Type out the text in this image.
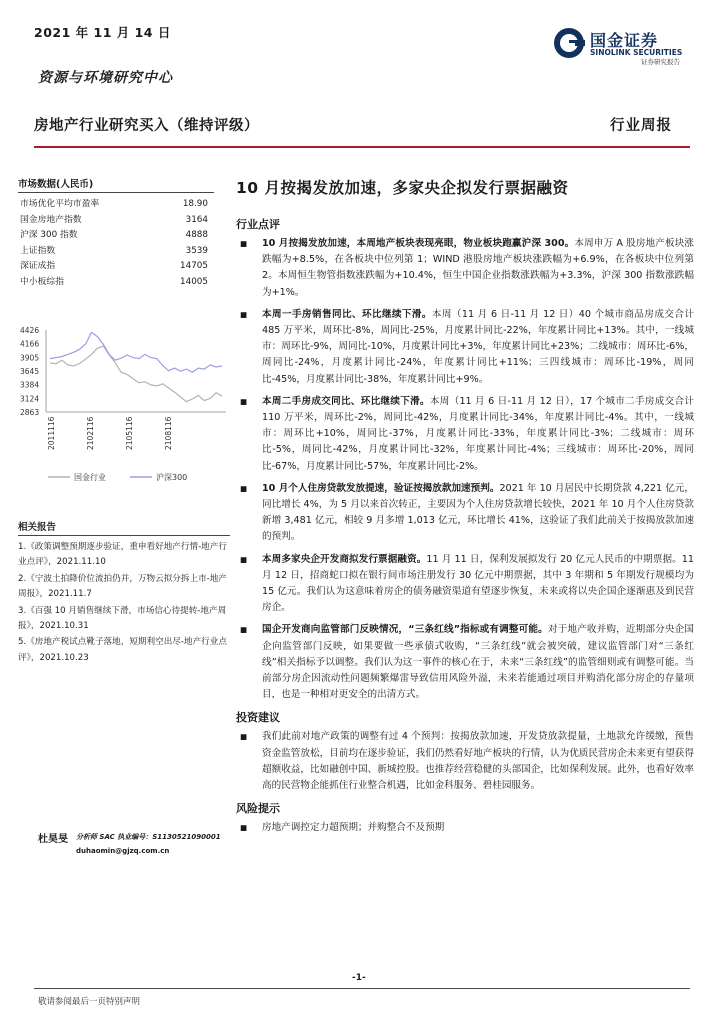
2021 年 11 月 14 日	国金证券
SINOLINK SECURITIES
证券研究报告
资源与环境研究中心
房地产行业研究买入（维持评级）	行业周报
市场数据(人民币)
市场优化平均市盈率	18.90
国金房地产指数	3164
沪深 300 指数	4888
上证指数	3539
深证成指	14705
中小板综指	14005
4426
4166
3905
3645
3384
3124
2863
2011116	2102116	2105116	2108116
国金行业	沪深300
相关报告
1.《政策调整预期逐步验证，重申看好地产行情-地产行业点评》，2021.11.10
2.《宁波土拍降价位流拍仍并，万物云拟分拆上市-地产周报》，2021.11.7
3.《百强 10 月销售继续下滑，市场信心待提转-地产周报》，2021.10.31
5.《房地产税试点靴子落地，短期利空出尽-地产行业点评》，2021.10.23
杜昊旻 分析师 SAC 执业编号：S1130521090001
duhaomin@gjzq.com.cn
10 月按揭发放加速，多家央企拟发行票据融资
行业点评
■ 10 月按揭发放加速，本周地产板块表现亮眼，物业板块跑赢沪深 300。本周申万 A 股房地产板块涨跌幅为+8.5%，在各板块中位列第 1；WIND 港股房地产板块涨跌幅为+6.9%，在各板块中位列第 2。本周恒生物管指数涨跌幅为+10.4%，恒生中国企业指数涨跌幅为+3.3%，沪深 300 指数涨跌幅为+1%。
■ 本周一手房销售同比、环比继续下滑。本周（11 月 6 日-11 月 12 日）40 个城市商品房成交合计 485 万平米，周环比-8%，周同比-25%，月度累计同比-22%，年度累计同比+13%。其中，一线城市：周环比-9%，周同比-10%，月度累计同比+3%，年度累计同比+23%；二线城市：周环比-6%，周同比-24%，月度累计同比-24%，年度累计同比+11%；三四线城市：周环比-19%，周同比-45%，月度累计同比-38%，年度累计同比+9%。
■ 本周二手房成交同比、环比继续下滑。本周（11 月 6 日-11 月 12 日），17 个城市二手房成交合计 110 万平米，周环比-2%，周同比-42%，月度累计同比-34%，年度累计同比-4%。其中，一线城市：周环比+10%，周同比-37%，月度累计同比-33%，年度累计同比-3%；二线城市：周环比-5%，周同比-42%，月度累计同比-32%，年度累计同比-4%；三线城市：周环比-20%，周同比-67%，月度累计同比-57%，年度累计同比-2%。
■ 10 月个人住房贷款发放提速，验证按揭放款加速预判。2021 年 10 月居民中长期贷款 4,221 亿元，同比增长 4%，为 5 月以来首次转正，主要因为个人住房贷款增长较快，2021 年 10 月个人住房贷款新增 3,481 亿元，相较 9 月多增 1,013 亿元，环比增长 41%，这验证了我们此前关于按揭放款加速的预判。
■ 本周多家央企开发商拟发行票据融资。11 月 11 日，保利发展拟发行 20 亿元人民币的中期票据。11 月 12 日，招商蛇口拟在银行间市场注册发行 30 亿元中期票据，其中 3 年期和 5 年期发行规模均为 15 亿元。我们认为这意味着房企的债务融资渠道有望逐步恢复，未来或将以央企国企逐渐惠及到民营房企。
■ 国企开发商向监管部门反映情况，“三条红线”指标或有调整可能。对于地产收并购，近期部分央企国企向监管部门反映，如果要做一些承债式收购，“三条红线”就会被突破，建议监管部门对“三条红线”相关指标予以调整。我们认为这一事件的核心在于，未来“三条红线”的监管细则或有调整可能。当前部分房企因流动性问题频繁爆雷导致信用风险外溢，未来若能通过项目并购消化部分房企的存量项目，也是一种相对更安全的出清方式。
投资建议
■ 我们此前对地产政策的调整有过 4 个预判：按揭放款加速，开发贷放款提量，土地款允许缓缴，预售资金监管放松，目前均在逐步验证，我们仍然看好地产板块的行情，认为优质民营房企未来更有望获得超额收益，比如融创中国、新城控股。也推荐经营稳健的头部国企，比如保利发展。此外，也看好效率高的民营物企能抓住行业整合机遇，比如金科服务、碧桂园服务。
风险提示
■ 房地产调控定力超预期；并购整合不及预期
-1-
敬请参阅最后一页特别声明
